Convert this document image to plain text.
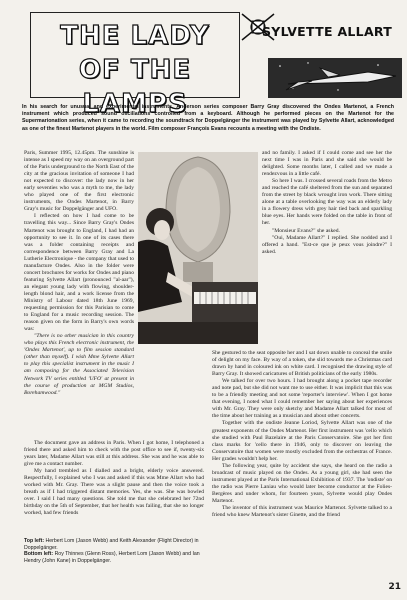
THE LADY
OF THE LAMPS
SYLVETTE ALLART
In his search for unusual and experimental instruments, Anderson series composer Barry Gray discovered the Ondes Martenot, a French instrument which produced sound oscillations controlled from a keyboard. Although he performed pieces on the Martenot for the Supermarionation series, when it came to recording the soundtrack for Doppelgänger the instrument was played by Sylvette Allart, acknowledged as one of the finest Martenot players in the world. Film composer François Evans recounts a meeting with the Ondiste.

Paris, Summer 1995, 12.45pm. The sunshine is intense as I speed my way on an overground part of the Paris underground to the North East of the city at the gracious invitation of someone I had not expected to discover: the lady now in her early seventies who was a myth to me, the lady who played one of the first electronic instruments, the Ondes Martenot, in Barry Gray's music for Doppelgänger and UFO.

I reflected on how I had come to be travelling this way... Since Barry Gray's Ondes Martenot was brought to England, I had had an opportunity to see it. In one of its cases there was a folder containing receipts and correspondence between Barry Gray and La Lutherie Electronique - the company that used to manufacture Ondes. Also in the folder were concert brochures for works for Ondes and piano featuring Sylvette Allart (pronounced "al-aar"), an elegant young lady with flowing, shoulder-length blond hair, and a work license from the Ministry of Labour dated 18th June 1969, requesting permission for this Parisian to come to England for a music recording session. The reason given on the form in Barry's own words was:

"There is no other musician in this country who plays this French electronic instrument, the 'Ondes Martenot', up to film session standard (other than myself). I wish Mme Sylvette Allart to play this specialist instrument in the music I am composing for the Associated Television Network TV series entitled 'UFO' at present in the course of production at MGM Studios, Borehamwood."

and no family. I asked if I could come and see her the next time I was in Paris and she said she would be delighted. Some months later, I called and we made a rendezvous in a little café.

So here I was. I crossed several roads from the Metro and reached the café sheltered from the sun and separated from the street by black wrought iron work. There sitting alone at a table overlooking the way was an elderly lady in a flowery dress with grey hair tied back and sparkling blue eyes. Her hands were folded on the table in front of her.

"Monsieur Evans?" she asked.

"Oui, Madame Allart?" I replied. She nodded and I offered a hand. "Est-ce que je peux vous joindre?" I asked.

The document gave an address in Paris. When I got home, I telephoned a friend there and asked him to check with the post office to see if, twenty-six years later, Madame Allart was still at this address. She was and he was able to give me a contact number.

My hand trembled as I dialled and a bright, elderly voice answered. Respectfully, I explained who I was and asked if this was Mme Allart who had worked with Mr. Gray. There was a slight pause and then the voice took a breath as if I had triggered distant memories. Yes, she was. She was bowled over. I said I had many questions. She told me that she celebrated her 72nd birthday on the 5th of September, that her health was failing, that she no longer worked, had few friends

Top left: Herbert Lom (Jason Webb) and Keith Alexander (Flight Director) in Doppelgänger.
Bottom left: Roy Thinnes (Glenn Ross), Herbert Lom (Jason Webb) and Ian Hendry (John Kane) in Doppelgänger.

She gestured to the seat opposite her and I sat down unable to conceal the smile of delight on my face. By way of a token, she slid towards me a Christmas card drawn by hand in coloured ink on white card. I recognised the drawing style of Barry Gray. It showed caricatures of British politicians of the early 1980s.

We talked for over two hours. I had brought along a pocket tape recorder and note pad, but she did not want me to use either. It was implicit that this was to be a friendly meeting and not some 'reporter's interview'. When I got home that evening, I noted what I could remember her saying about her experiences with Mr. Gray. They were only sketchy and Madame Allart talked for most of the time about her training as a musician and about other concerts.

Together with the ondiste Jeanne Loriod, Sylvette Allart was one of the greatest exponents of the Ondes Martenot. Her first instrument was 'cello which she studied with Paul Bazelaire at the Paris Conservatoire. She got her first class marks for 'cello there in 1946, only to discover on leaving the Conservatoire that women were mostly excluded from the orchestras of France. Her grades wouldn't help her.

The following year, quite by accident she says, she heard on the radio a broadcast of music played on the Ondes. As a young girl, she had seen the instrument played at the Paris International Exhibition of 1937. The 'ondiste' on the radio was Pierre Laniau who would later become conductor at the Folies-Bergères and under whom, for fourteen years, Sylvette would play Ondes Martenot.

The inventor of this instrument was Maurice Martenot. Sylvette talked to a friend who knew Martenot's sister Ginette, and the friend

21
